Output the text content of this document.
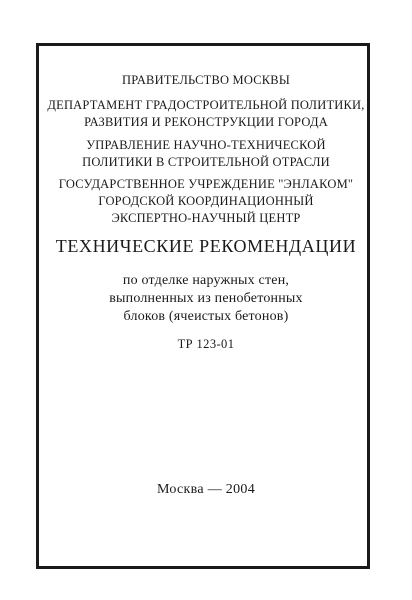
ПРАВИТЕЛЬСТВО МОСКВЫ
ДЕПАРТАМЕНТ ГРАДОСТРОИТЕЛЬНОЙ ПОЛИТИКИ,
РАЗВИТИЯ И РЕКОНСТРУКЦИИ ГОРОДА
УПРАВЛЕНИЕ НАУЧНО-ТЕХНИЧЕСКОЙ
ПОЛИТИКИ В СТРОИТЕЛЬНОЙ ОТРАСЛИ
ГОСУДАРСТВЕННОЕ УЧРЕЖДЕНИЕ "ЭНЛАКОМ"
ГОРОДСКОЙ КООРДИНАЦИОННЫЙ
ЭКСПЕРТНО-НАУЧНЫЙ ЦЕНТР
ТЕХНИЧЕСКИЕ РЕКОМЕНДАЦИИ
по отделке наружных стен,
выполненных из пенобетонных
блоков (ячеистых бетонов)
ТР 123-01
Москва — 2004
